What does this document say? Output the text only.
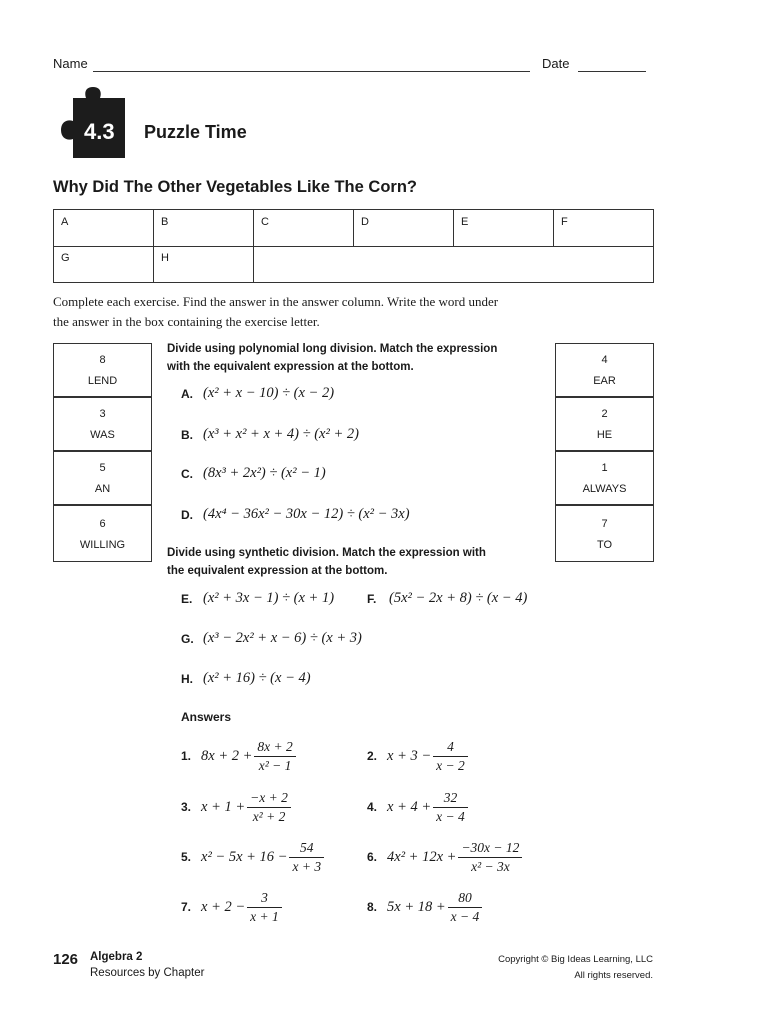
Name	Date
4.3 Puzzle Time
Why Did The Other Vegetables Like The Corn?
A	B	C	D	E	F
G	H
Complete each exercise. Find the answer in the answer column. Write the word under
the answer in the box containing the exercise letter.
8
LEND
3
WAS
5
AN
6
WILLING
4
EAR
2
HE
1
ALWAYS
7
TO
Divide using polynomial long division. Match the expression
with the equivalent expression at the bottom.
A. (x² + x − 10) ÷ (x − 2)
B. (x³ + x² + x + 4) ÷ (x² + 2)
C. (8x³ + 2x²) ÷ (x² − 1)
D. (4x⁴ − 36x² − 30x − 12) ÷ (x² − 3x)
Divide using synthetic division. Match the expression with
the equivalent expression at the bottom.
E. (x² + 3x − 1) ÷ (x + 1)	F. (5x² − 2x + 8) ÷ (x − 4)
G. (x³ − 2x² + x − 6) ÷ (x + 3)
H. (x² + 16) ÷ (x − 4)
Answers
1. $8x + 2 + \frac{8x + 2}{\text{x² − 1}}$	2. $x + 3 - \frac{4}{x - 2}$
3. $x + 1 + \frac{-x + 2}{\text{x² + 2}}$	4. $x + 4 + \frac{32}{x - 4}$
5. $x^2 - 5x + 16 - \frac{54}{x + 3}$	6. $4x^2 + 12x + \frac{-30x - 12}{\text{x² − 3x}}$
7. $x + 2 - \frac{3}{x + 1}$	8. $5x + 18 + \frac{80}{x - 4}$
126 Algebra 2
Resources by Chapter
Copyright © Big Ideas Learning, LLC
All rights reserved.
